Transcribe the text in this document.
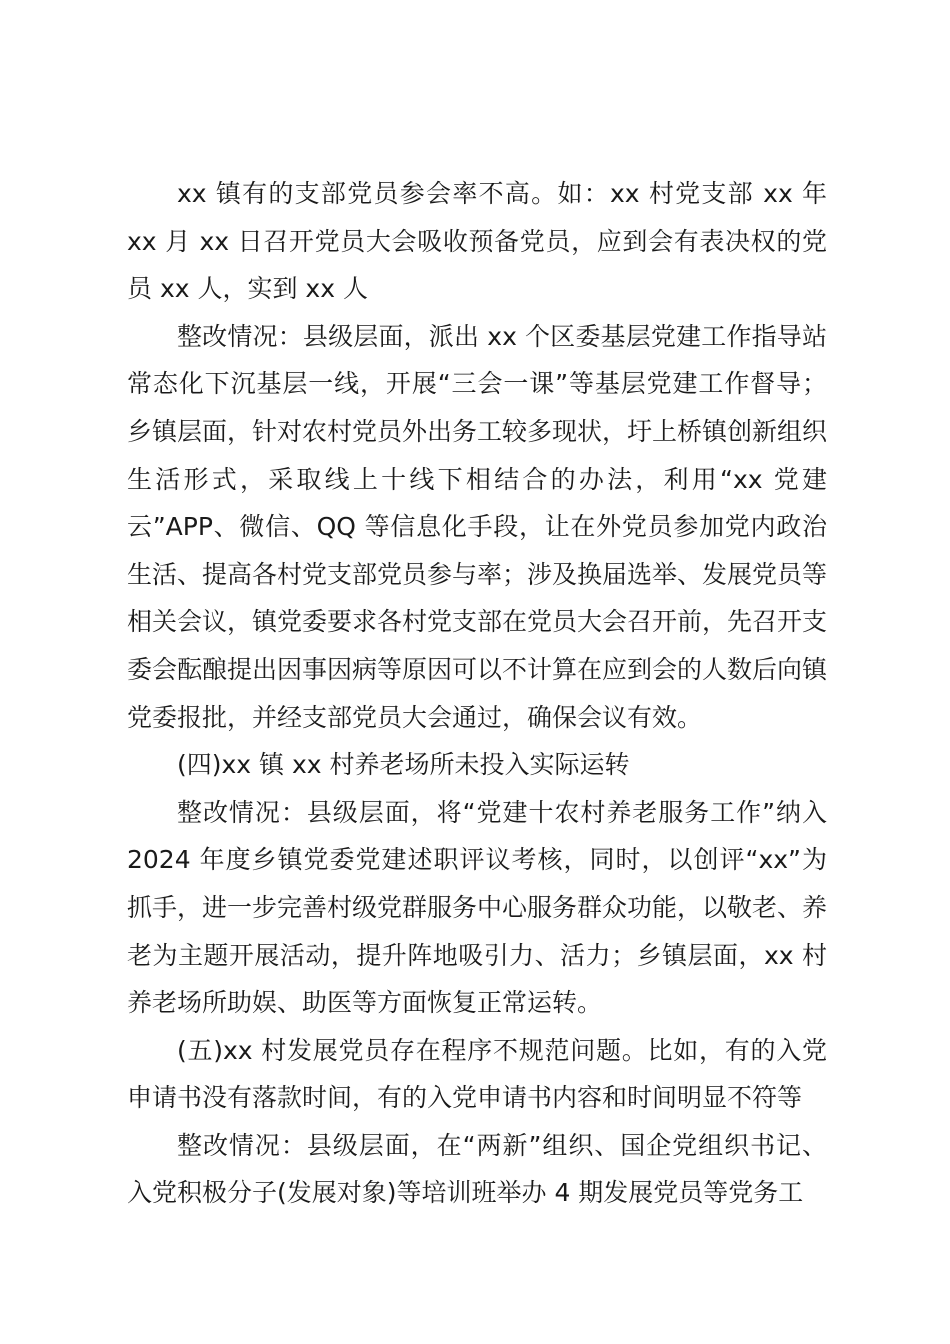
xx 镇有的支部党员参会率不高。如：xx 村党支部 xx 年 xx 月 xx 日召开党员大会吸收预备党员，应到会有表决权的党员 xx 人，实到 xx 人

整改情况：县级层面，派出 xx 个区委基层党建工作指导站常态化下沉基层一线，开展“三会一课”等基层党建工作督导；乡镇层面，针对农村党员外出务工较多现状，圩上桥镇创新组织生活形式，采取线上十线下相结合的办法，利用“xx 党建云”APP、微信、QQ 等信息化手段，让在外党员参加党内政治生活、提高各村党支部党员参与率；涉及换届选举、发展党员等相关会议，镇党委要求各村党支部在党员大会召开前，先召开支委会酝酿提出因事因病等原因可以不计算在应到会的人数后向镇党委报批，并经支部党员大会通过，确保会议有效。

(四)xx 镇 xx 村养老场所未投入实际运转

整改情况：县级层面，将“党建十农村养老服务工作”纳入 2024 年度乡镇党委党建述职评议考核，同时，以创评“xx”为抓手，进一步完善村级党群服务中心服务群众功能，以敬老、养老为主题开展活动，提升阵地吸引力、活力；乡镇层面，xx 村养老场所助娱、助医等方面恢复正常运转。

(五)xx 村发展党员存在程序不规范问题。比如，有的入党申请书没有落款时间，有的入党申请书内容和时间明显不符等

整改情况：县级层面，在“两新”组织、国企党组织书记、入党积极分子(发展对象)等培训班举办 4 期发展党员等党务工
